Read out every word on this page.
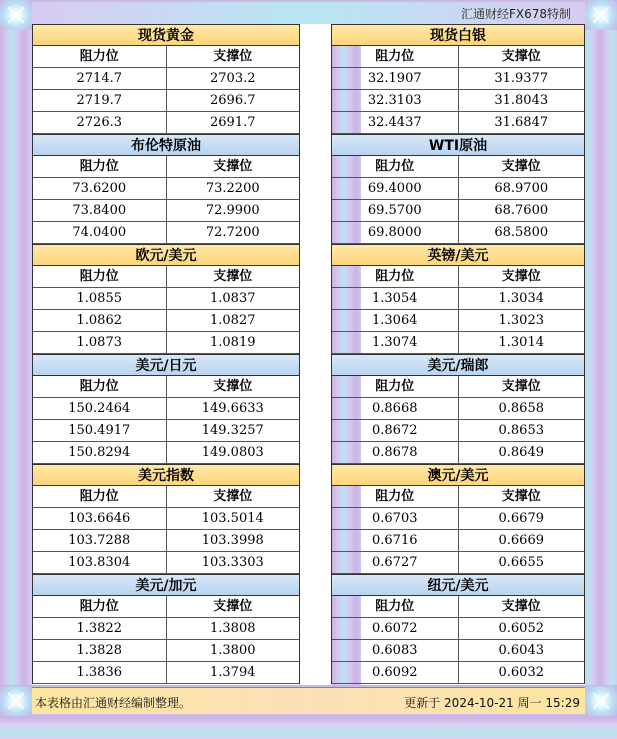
汇通财经FX678特制
现货黄金
阻力位	支撑位
2714.7	2703.2
2719.7	2696.7
2726.3	2691.7
布伦特原油
阻力位	支撑位
73.6200	73.2200
73.8400	72.9900
74.0400	72.7200
欧元/美元
阻力位	支撑位
1.0855	1.0837
1.0862	1.0827
1.0873	1.0819
美元/日元
阻力位	支撑位
150.2464	149.6633
150.4917	149.3257
150.8294	149.0803
美元指数
阻力位	支撑位
103.6646	103.5014
103.7288	103.3998
103.8304	103.3303
美元/加元
阻力位	支撑位
1.3822	1.3808
1.3828	1.3800
1.3836	1.3794
现货白银
阻力位	支撑位
32.1907	31.9377
32.3103	31.8043
32.4437	31.6847
WTI原油
阻力位	支撑位
69.4000	68.9700
69.5700	68.7600
69.8000	68.5800
英镑/美元
阻力位	支撑位
1.3054	1.3034
1.3064	1.3023
1.3074	1.3014
美元/瑞郎
阻力位	支撑位
0.8668	0.8658
0.8672	0.8653
0.8678	0.8649
澳元/美元
阻力位	支撑位
0.6703	0.6679
0.6716	0.6669
0.6727	0.6655
纽元/美元
阻力位	支撑位
0.6072	0.6052
0.6083	0.6043
0.6092	0.6032
本表格由汇通财经编制整理。	更新于 2024-10-21 周一 15:29
